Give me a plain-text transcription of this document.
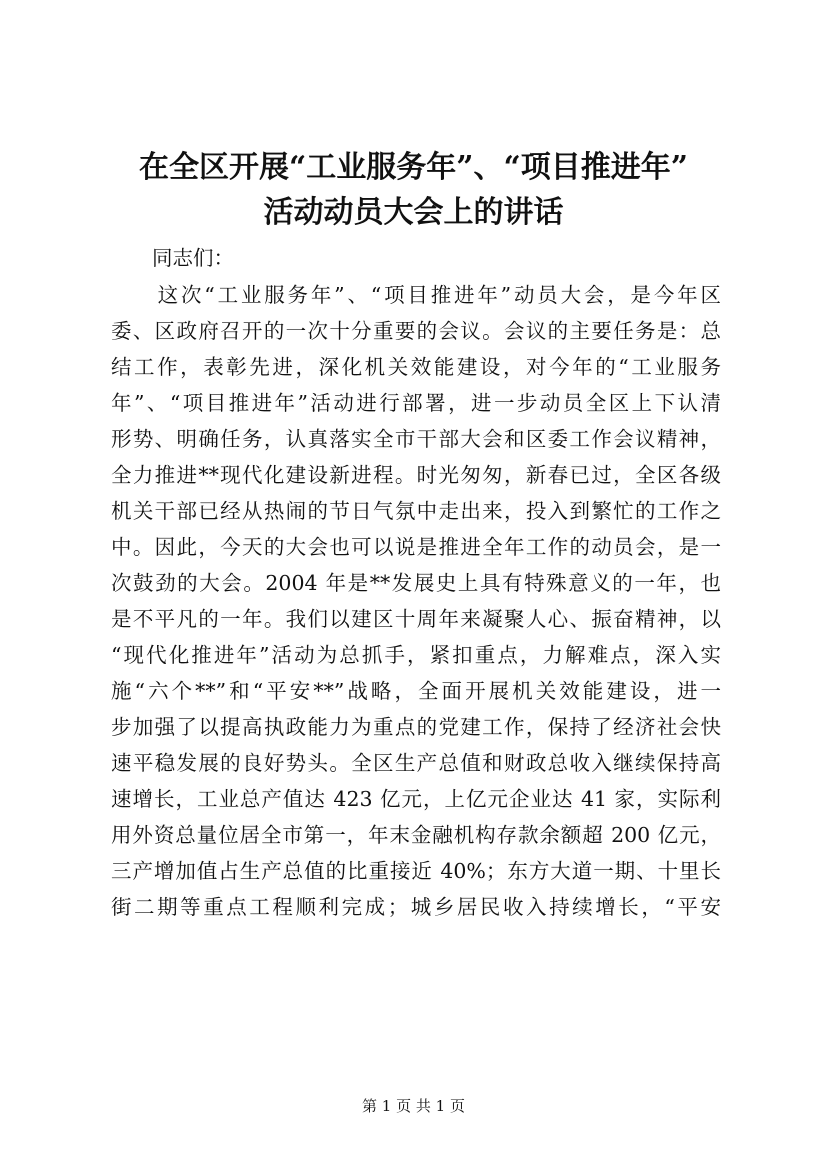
在全区开展“工业服务年”、“项目推进年”
活动动员大会上的讲话
同志们：
　　这次“工业服务年”、“项目推进年”动员大会，是今年区
委、区政府召开的一次十分重要的会议。会议的主要任务是：总
结工作，表彰先进，深化机关效能建设，对今年的“工业服务
年”、“项目推进年”活动进行部署，进一步动员全区上下认清
形势、明确任务，认真落实全市干部大会和区委工作会议精神，
全力推进**现代化建设新进程。时光匆匆，新春已过，全区各级
机关干部已经从热闹的节日气氛中走出来，投入到繁忙的工作之
中。因此，今天的大会也可以说是推进全年工作的动员会，是一
次鼓劲的大会。2004 年是**发展史上具有特殊意义的一年，也
是不平凡的一年。我们以建区十周年来凝聚人心、振奋精神，以
“现代化推进年”活动为总抓手，紧扣重点，力解难点，深入实
施“六个**”和“平安**”战略，全面开展机关效能建设，进一
步加强了以提高执政能力为重点的党建工作，保持了经济社会快
速平稳发展的良好势头。全区生产总值和财政总收入继续保持高
速增长，工业总产值达 423 亿元，上亿元企业达 41 家，实际利
用外资总量位居全市第一，年末金融机构存款余额超 200 亿元，
三产增加值占生产总值的比重接近 40%；东方大道一期、十里长
街二期等重点工程顺利完成；城乡居民收入持续增长，“平安
第 1 页 共 1 页
